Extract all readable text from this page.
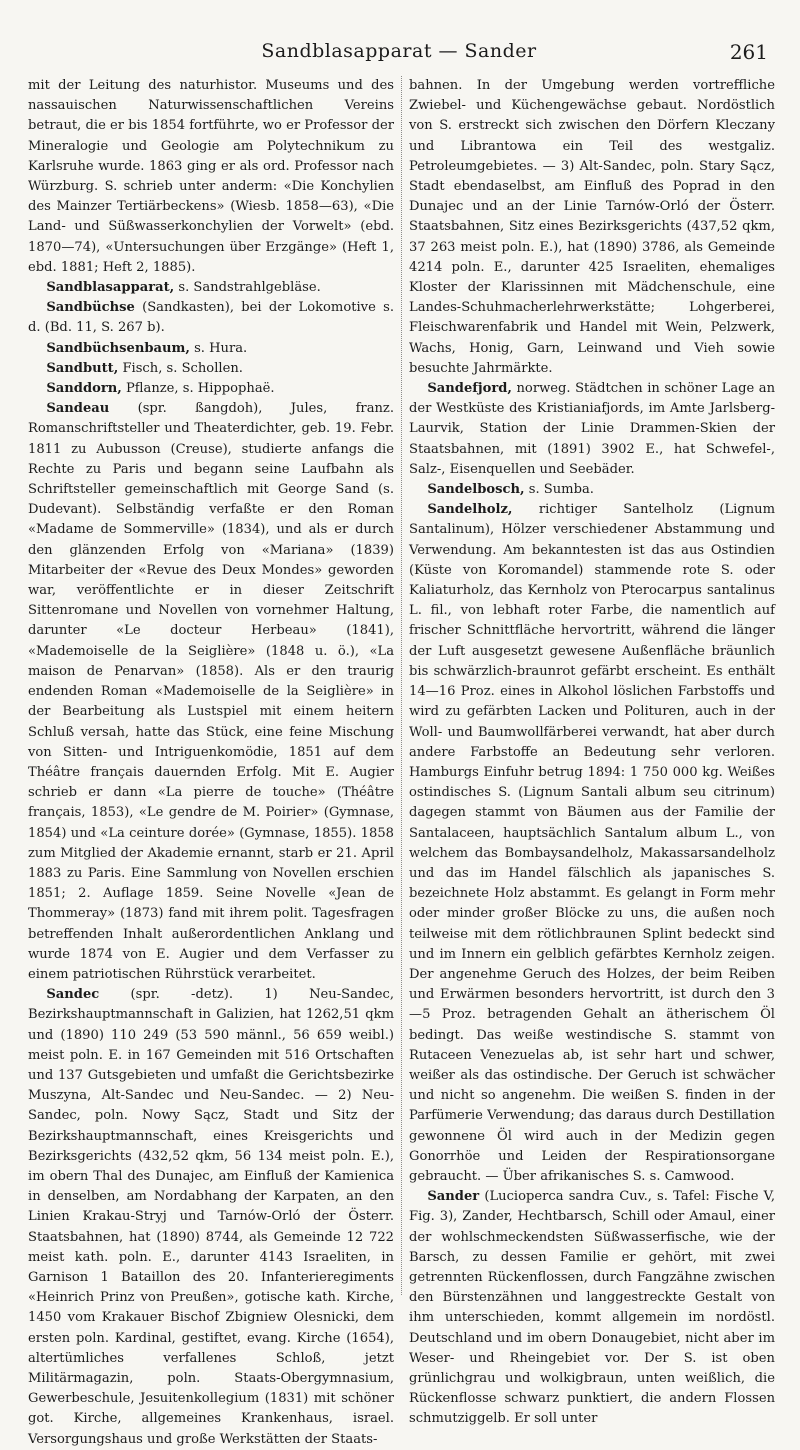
Sandblasapparat — Sander	261

mit der Leitung des naturhistor. Museums und des nassauischen Naturwissenschaftlichen Vereins betraut, die er bis 1854 fortführte, wo er Professor der Mineralogie und Geologie am Polytechnikum zu Karlsruhe wurde. 1863 ging er als ord. Professor nach Würzburg. S. schrieb unter anderm: «Die Konchylien des Mainzer Tertiärbeckens» (Wiesb. 1858—63), «Die Land- und Süßwasserkonchylien der Vorwelt» (ebd. 1870—74), «Untersuchungen über Erzgänge» (Heft 1, ebd. 1881; Heft 2, 1885).

Sandblasapparat, s. Sandstrahlgebläse.

Sandbüchse (Sandkasten), bei der Lokomotive s. d. (Bd. 11, S. 267 b).

Sandbüchsenbaum, s. Hura.

Sandbutt, Fisch, s. Schollen.

Sanddorn, Pflanze, s. Hippophaë.

Sandeau (spr. ßangdoh), Jules, franz. Romanschriftsteller und Theaterdichter, geb. 19. Febr. 1811 zu Aubusson (Creuse), studierte anfangs die Rechte zu Paris und begann seine Laufbahn als Schriftsteller gemeinschaftlich mit George Sand (s. Dudevant). Selbständig verfaßte er den Roman «Madame de Sommerville» (1834), und als er durch den glänzenden Erfolg von «Mariana» (1839) Mitarbeiter der «Revue des Deux Mondes» geworden war, veröffentlichte er in dieser Zeitschrift Sittenromane und Novellen von vornehmer Haltung, darunter «Le docteur Herbeau» (1841), «Mademoiselle de la Seiglière» (1848 u. ö.), «La maison de Penarvan» (1858). Als er den traurig endenden Roman «Mademoiselle de la Seiglière» in der Bearbeitung als Lustspiel mit einem heitern Schluß versah, hatte das Stück, eine feine Mischung von Sitten- und Intriguenkomödie, 1851 auf dem Théâtre français dauernden Erfolg. Mit E. Augier schrieb er dann «La pierre de touche» (Théâtre français, 1853), «Le gendre de M. Poirier» (Gymnase, 1854) und «La ceinture dorée» (Gymnase, 1855). 1858 zum Mitglied der Akademie ernannt, starb er 21. April 1883 zu Paris. Eine Sammlung von Novellen erschien 1851; 2. Auflage 1859. Seine Novelle «Jean de Thommeray» (1873) fand mit ihrem polit. Tagesfragen betreffenden Inhalt außerordentlichen Anklang und wurde 1874 von E. Augier und dem Verfasser zu einem patriotischen Rührstück verarbeitet.

Sandec (spr. -detz). 1) Neu-Sandec, Bezirkshauptmannschaft in Galizien, hat 1262,51 qkm und (1890) 110 249 (53 590 männl., 56 659 weibl.) meist poln. E. in 167 Gemeinden mit 516 Ortschaften und 137 Gutsgebieten und umfaßt die Gerichtsbezirke Muszyna, Alt-Sandec und Neu-Sandec. — 2) Neu-Sandec, poln. Nowy Sącz, Stadt und Sitz der Bezirkshauptmannschaft, eines Kreisgerichts und Bezirksgerichts (432,52 qkm, 56 134 meist poln. E.), im obern Thal des Dunajec, am Einfluß der Kamienica in denselben, am Nordabhang der Karpaten, an den Linien Krakau-Stryj und Tarnów-Orló der Österr. Staatsbahnen, hat (1890) 8744, als Gemeinde 12 722 meist kath. poln. E., darunter 4143 Israeliten, in Garnison 1 Bataillon des 20. Infanterieregiments «Heinrich Prinz von Preußen», gotische kath. Kirche, 1450 vom Krakauer Bischof Zbigniew Olesnicki, dem ersten poln. Kardinal, gestiftet, evang. Kirche (1654), altertümliches verfallenes Schloß, jetzt Militärmagazin, poln. Staats-Obergymnasium, Gewerbeschule, Jesuitenkollegium (1831) mit schöner got. Kirche, allgemeines Krankenhaus, israel. Versorgungshaus und große Werkstätten der Staats-

bahnen. In der Umgebung werden vortreffliche Zwiebel- und Küchengewächse gebaut. Nordöstlich von S. erstreckt sich zwischen den Dörfern Kleczany und Librantowa ein Teil des westgaliz. Petroleumgebietes. — 3) Alt-Sandec, poln. Stary Sącz, Stadt ebendaselbst, am Einfluß des Poprad in den Dunajec und an der Linie Tarnów-Orló der Österr. Staatsbahnen, Sitz eines Bezirksgerichts (437,52 qkm, 37 263 meist poln. E.), hat (1890) 3786, als Gemeinde 4214 poln. E., darunter 425 Israeliten, ehemaliges Kloster der Klarissinnen mit Mädchenschule, eine Landes-Schuhmacherlehrwerkstätte; Lohgerberei, Fleischwarenfabrik und Handel mit Wein, Pelzwerk, Wachs, Honig, Garn, Leinwand und Vieh sowie besuchte Jahrmärkte.

Sandefjord, norweg. Städtchen in schöner Lage an der Westküste des Kristianiafjords, im Amte Jarlsberg-Laurvik, Station der Linie Drammen-Skien der Staatsbahnen, mit (1891) 3902 E., hat Schwefel-, Salz-, Eisenquellen und Seebäder.

Sandelbosch, s. Sumba.

Sandelholz, richtiger Santelholz (Lignum Santalinum), Hölzer verschiedener Abstammung und Verwendung. Am bekanntesten ist das aus Ostindien (Küste von Koromandel) stammende rote S. oder Kaliaturholz, das Kernholz von Pterocarpus santalinus L. fil., von lebhaft roter Farbe, die namentlich auf frischer Schnittfläche hervortritt, während die länger der Luft ausgesetzt gewesene Außenfläche bräunlich bis schwärzlich-braunrot gefärbt erscheint. Es enthält 14—16 Proz. eines in Alkohol löslichen Farbstoffs und wird zu gefärbten Lacken und Polituren, auch in der Woll- und Baumwollfärberei verwandt, hat aber durch andere Farbstoffe an Bedeutung sehr verloren. Hamburgs Einfuhr betrug 1894: 1 750 000 kg. Weißes ostindisches S. (Lignum Santali album seu citrinum) dagegen stammt von Bäumen aus der Familie der Santalaceen, hauptsächlich Santalum album L., von welchem das Bombaysandelholz, Makassarsandelholz und das im Handel fälschlich als japanisches S. bezeichnete Holz abstammt. Es gelangt in Form mehr oder minder großer Blöcke zu uns, die außen noch teilweise mit dem rötlichbraunen Splint bedeckt sind und im Innern ein gelblich gefärbtes Kernholz zeigen. Der angenehme Geruch des Holzes, der beim Reiben und Erwärmen besonders hervortritt, ist durch den 3—5 Proz. betragenden Gehalt an ätherischem Öl bedingt. Das weiße westindische S. stammt von Rutaceen Venezuelas ab, ist sehr hart und schwer, weißer als das ostindische. Der Geruch ist schwächer und nicht so angenehm. Die weißen S. finden in der Parfümerie Verwendung; das daraus durch Destillation gewonnene Öl wird auch in der Medizin gegen Gonorrhöe und Leiden der Respirationsorgane gebraucht. — Über afrikanisches S. s. Camwood.

Sander (Lucioperca sandra Cuv., s. Tafel: Fische V, Fig. 3), Zander, Hechtbarsch, Schill oder Amaul, einer der wohlschmeckendsten Süßwasserfische, wie der Barsch, zu dessen Familie er gehört, mit zwei getrennten Rückenflossen, durch Fangzähne zwischen den Bürstenzähnen und langgestreckte Gestalt von ihm unterschieden, kommt allgemein im nordöstl. Deutschland und im obern Donaugebiet, nicht aber im Weser- und Rheingebiet vor. Der S. ist oben grünlichgrau und wolkigbraun, unten weißlich, die Rückenflosse schwarz punktiert, die andern Flossen schmutziggelb. Er soll unter
